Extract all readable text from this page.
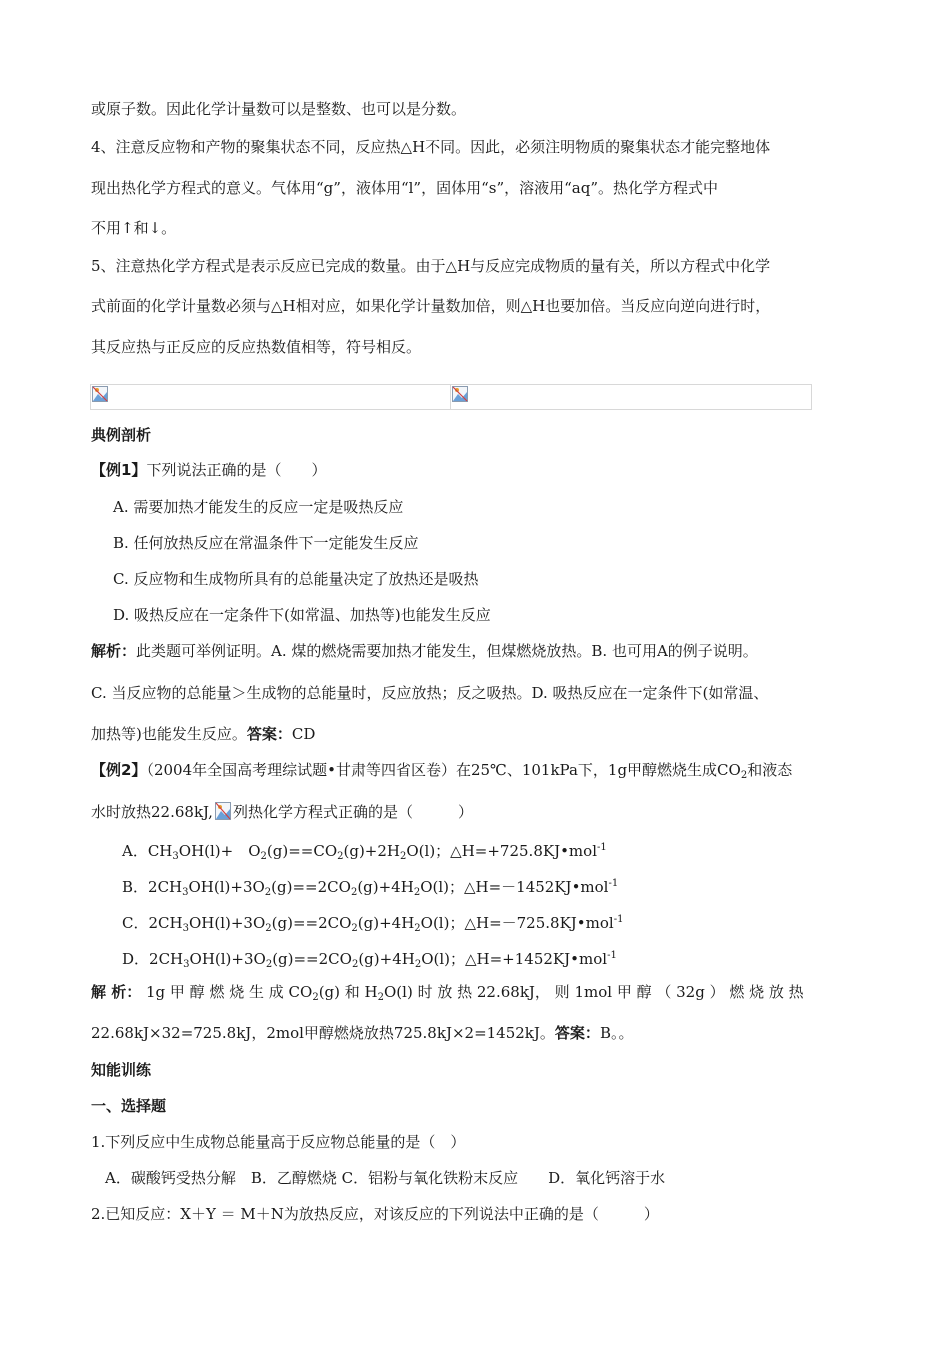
或原子数。因此化学计量数可以是整数、也可以是分数。
4、注意反应物和产物的聚集状态不同，反应热△H不同。因此，必须注明物质的聚集状态才能完整地体
现出热化学方程式的意义。气体用“g”，液体用“l”，固体用“s”，溶液用“aq”。热化学方程式中
不用↑和↓。
5、注意热化学方程式是表示反应已完成的数量。由于△H与反应完成物质的量有关，所以方程式中化学
式前面的化学计量数必须与△H相对应，如果化学计量数加倍，则△H也要加倍。当反应向逆向进行时，
其反应热与正反应的反应热数值相等，符号相反。
典例剖析
【例1】下列说法正确的是（　　）
A. 需要加热才能发生的反应一定是吸热反应
B. 任何放热反应在常温条件下一定能发生反应
C. 反应物和生成物所具有的总能量决定了放热还是吸热
D. 吸热反应在一定条件下(如常温、加热等)也能发生反应
解析：此类题可举例证明。A. 煤的燃烧需要加热才能发生，但煤燃烧放热。B. 也可用A的例子说明。
C. 当反应物的总能量＞生成物的总能量时，反应放热；反之吸热。D. 吸热反应在一定条件下(如常温、
加热等)也能发生反应。答案：CD
【例2】（2004年全国高考理综试题•甘肃等四省区卷）在25℃、101kPa下，1g甲醇燃烧生成$CO_2$和液态
水时放热22.68kJ, 列热化学方程式正确的是（　　　）
A．$CH_3OH(l)+$　$O_2(g)==CO_2(g)+2H_2O(l)$；△H=+725.8KJ•mol$^{-1}$
B．$2CH_3OH(l)+3O_2(g)==2CO_2(g)+4H_2O(l)$；△H=－1452KJ•mol$^{-1}$
C．$2CH_3OH(l)+3O_2(g)==2CO_2(g)+4H_2O(l)$；△H=－725.8KJ•mol$^{-1}$
D．$2CH_3OH(l)+3O_2(g)==2CO_2(g)+4H_2O(l)$；△H=+1452KJ•mol$^{-1}$
解 析： 1g 甲 醇 燃 烧 生 成 $CO_2(g)$ 和 $H_2O(l)$ 时 放 热 22.68kJ， 则 1mol 甲 醇 （ 32g ） 燃 烧 放 热
22.68kJ×32=725.8kJ，2mol甲醇燃烧放热725.8kJ×2=1452kJ。答案：B。。
知能训练
一、选择题
1.下列反应中生成物总能量高于反应物总能量的是（　）
A．碳酸钙受热分解　B．乙醇燃烧 C．铝粉与氧化铁粉末反应　　D．氧化钙溶于水
2.已知反应：X＋Y ＝ M＋N为放热反应，对该反应的下列说法中正确的是（　　　）
